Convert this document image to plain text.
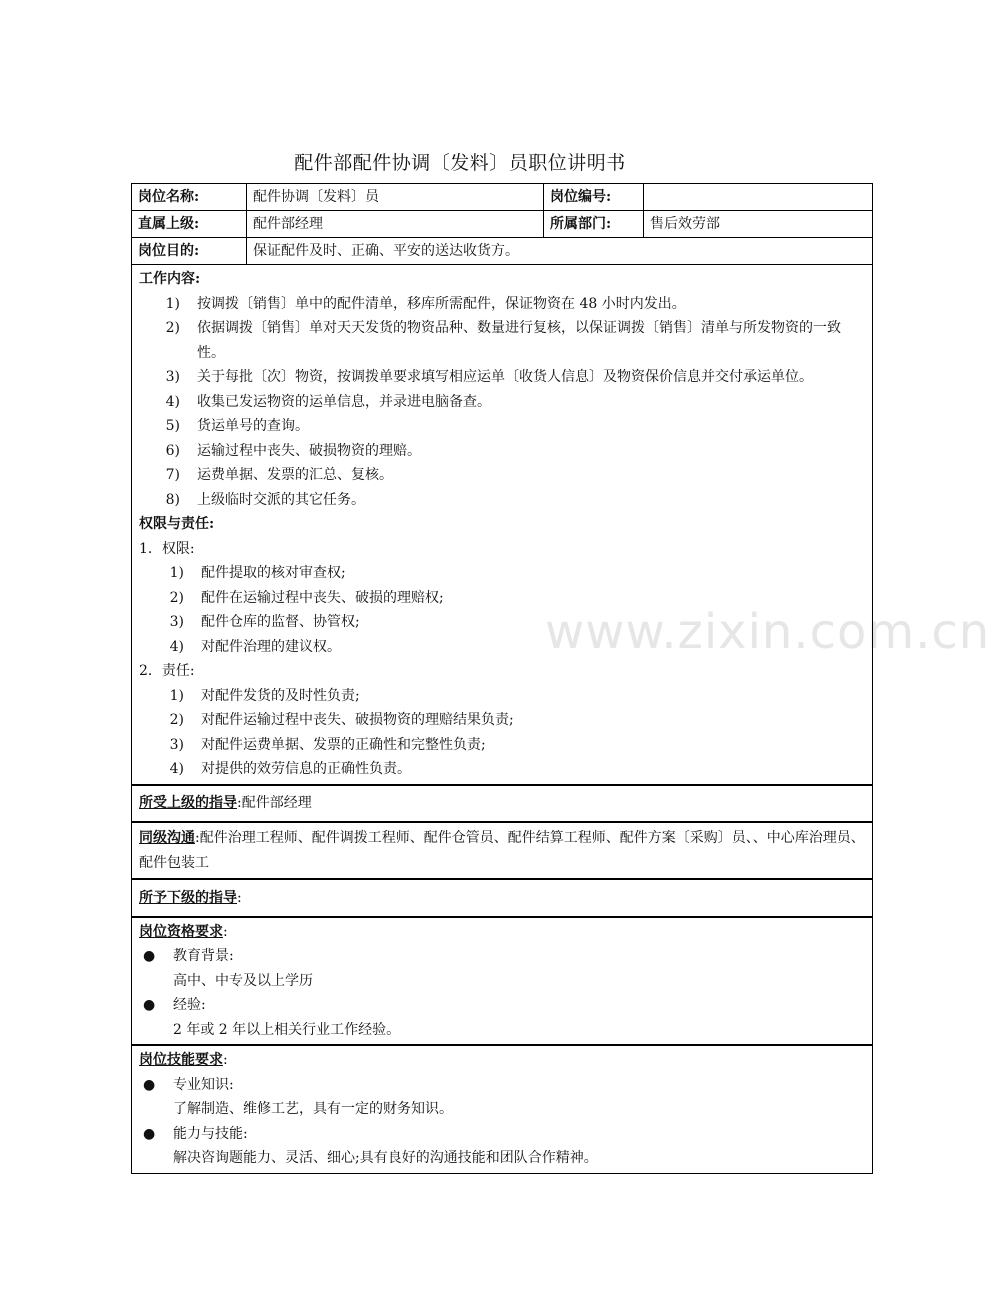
www.zixin.com.cn
配件部配件协调〔发料〕员职位讲明书
岗位名称:	配件协调〔发料〕员	岗位编号:
直属上级:	配件部经理	所属部门:	售后效劳部
岗位目的:	保证配件及时、正确、平安的送达收货方。
工作内容:
1)	按调拨〔销售〕单中的配件清单，移库所需配件，保证物资在 48 小时内发出。
2)	依据调拨〔销售〕单对天天发货的物资品种、数量进行复核，以保证调拨〔销售〕清单与所发物资的一致性。
3)	关于每批〔次〕物资，按调拨单要求填写相应运单〔收货人信息〕及物资保价信息并交付承运单位。
4)	收集已发运物资的运单信息，并录进电脑备查。
5)	货运单号的查询。
6)	运输过程中丧失、破损物资的理赔。
7)	运费单据、发票的汇总、复核。
8)	上级临时交派的其它任务。
权限与责任:
1．权限:
1)	配件提取的核对审查权;
2)	配件在运输过程中丧失、破损的理赔权;
3)	配件仓库的监督、协管权;
4)	对配件治理的建议权。
2．责任:
1)	对配件发货的及时性负责;
2)	对配件运输过程中丧失、破损物资的理赔结果负责;
3)	对配件运费单据、发票的正确性和完整性负责;
4)	对提供的效劳信息的正确性负责。
所受上级的指导:配件部经理
同级沟通:配件治理工程师、配件调拨工程师、配件仓管员、配件结算工程师、配件方案〔采购〕员、、中心库治理员、配件包装工
所予下级的指导:
岗位资格要求:
●	教育背景:
高中、中专及以上学历
●	经验:
2 年或 2 年以上相关行业工作经验。
岗位技能要求:
●	专业知识:
了解制造、维修工艺，具有一定的财务知识。
●	能力与技能:
解决咨询题能力、灵活、细心;具有良好的沟通技能和团队合作精神。
